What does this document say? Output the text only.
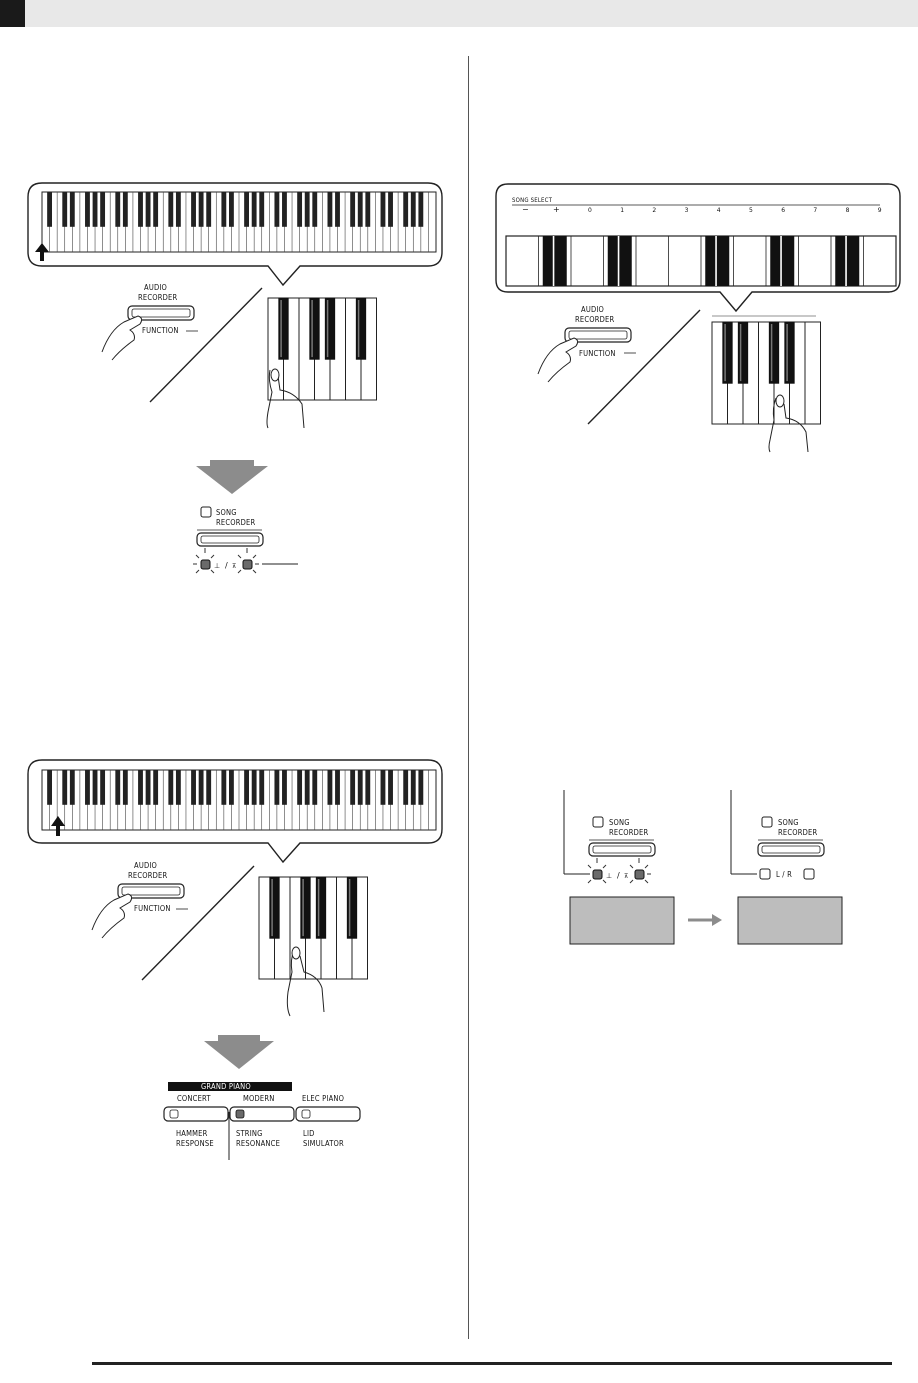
AUDIO
RECORDER
FUNCTION
SONG
RECORDER
⊥ / ⊼
AUDIO
RECORDER
FUNCTION
GRAND PIANO
CONCERT	MODERN	ELEC PIANO
HAMMER
RESPONSE
STRING
RESONANCE
LID
SIMULATOR
SONG SELECT
−	+	0	1	2	3	4	5	6	7	8	9
AUDIO
RECORDER
FUNCTION
SONG
RECORDER
⊥ / ⊼
SONG
RECORDER
L / R
